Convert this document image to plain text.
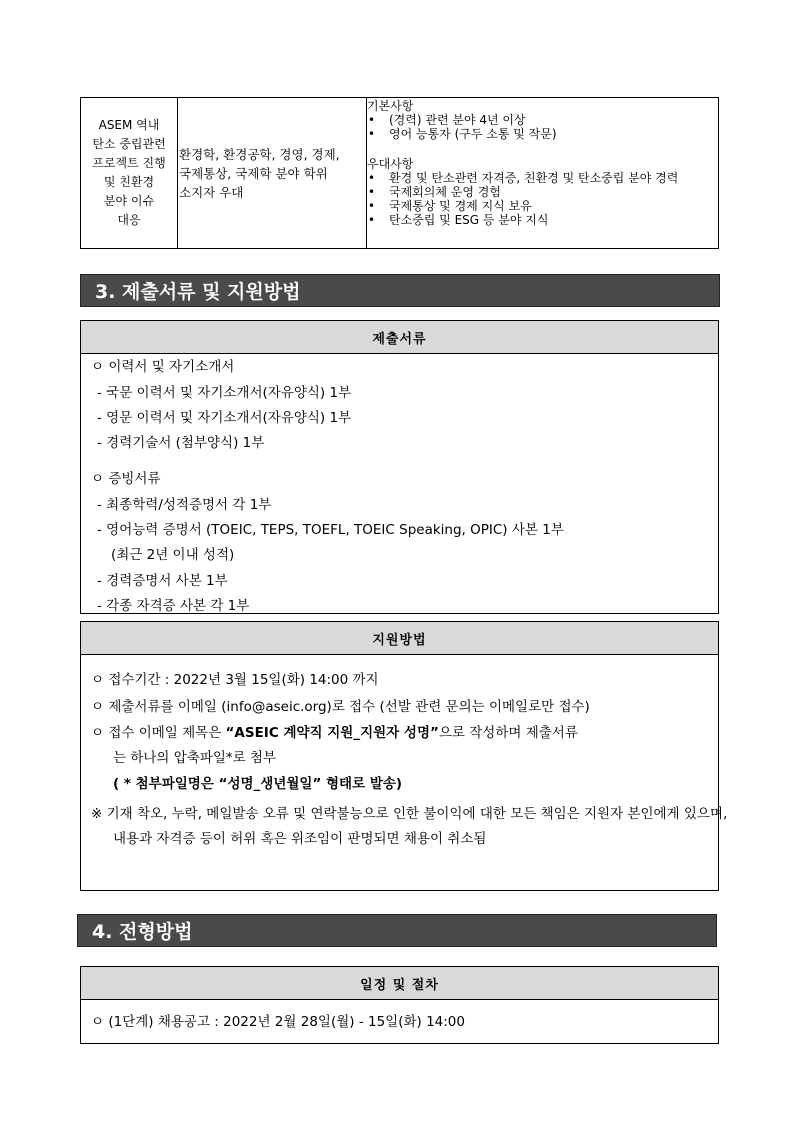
ASEM 역내
탄소 중립관련
프로젝트 진행
및 친환경
분야 이슈
대응
환경학, 환경공학, 경영, 경제,
국제통상, 국제학 분야 학위
소지자 우대
기본사항
• (경력) 관련 분야 4년 이상
• 영어 능통자 (구두 소통 및 작문)
우대사항
• 환경 및 탄소관련 자격증, 친환경 및 탄소중립 분야 경력
• 국제회의체 운영 경험
• 국제통상 및 경제 지식 보유
• 탄소중립 및 ESG 등 분야 지식
3. 제출서류 및 지원방법
제출서류
ㅇ 이력서 및 자기소개서
- 국문 이력서 및 자기소개서(자유양식) 1부
- 영문 이력서 및 자기소개서(자유양식) 1부
- 경력기술서 (첨부양식) 1부
ㅇ 증빙서류
- 최종학력/성적증명서 각 1부
- 영어능력 증명서 (TOEIC, TEPS, TOEFL, TOEIC Speaking, OPIC) 사본 1부
(최근 2년 이내 성적)
- 경력증명서 사본 1부
- 각종 자격증 사본 각 1부
지원방법
ㅇ 접수기간 : 2022년 3월 15일(화) 14:00 까지
ㅇ 제출서류를 이메일 (info@aseic.org)로 접수 (선발 관련 문의는 이메일로만 접수)
ㅇ 접수 이메일 제목은 “ASEIC 계약직 지원_지원자 성명”으로 작성하며 제출서류
는 하나의 압축파일*로 첨부
( * 첨부파일명은 “성명_생년월일” 형태로 발송)
※ 기재 착오, 누락, 메일발송 오류 및 연락불능으로 인한 불이익에 대한 모든 책임은 지원자 본인에게 있으며, 내용과 자격증 등이 허위 혹은 위조임이 판명되면 채용이 취소됨
4. 전형방법
일정 및 절차
ㅇ (1단계) 채용공고 : 2022년 2월 28일(월) - 15일(화) 14:00
